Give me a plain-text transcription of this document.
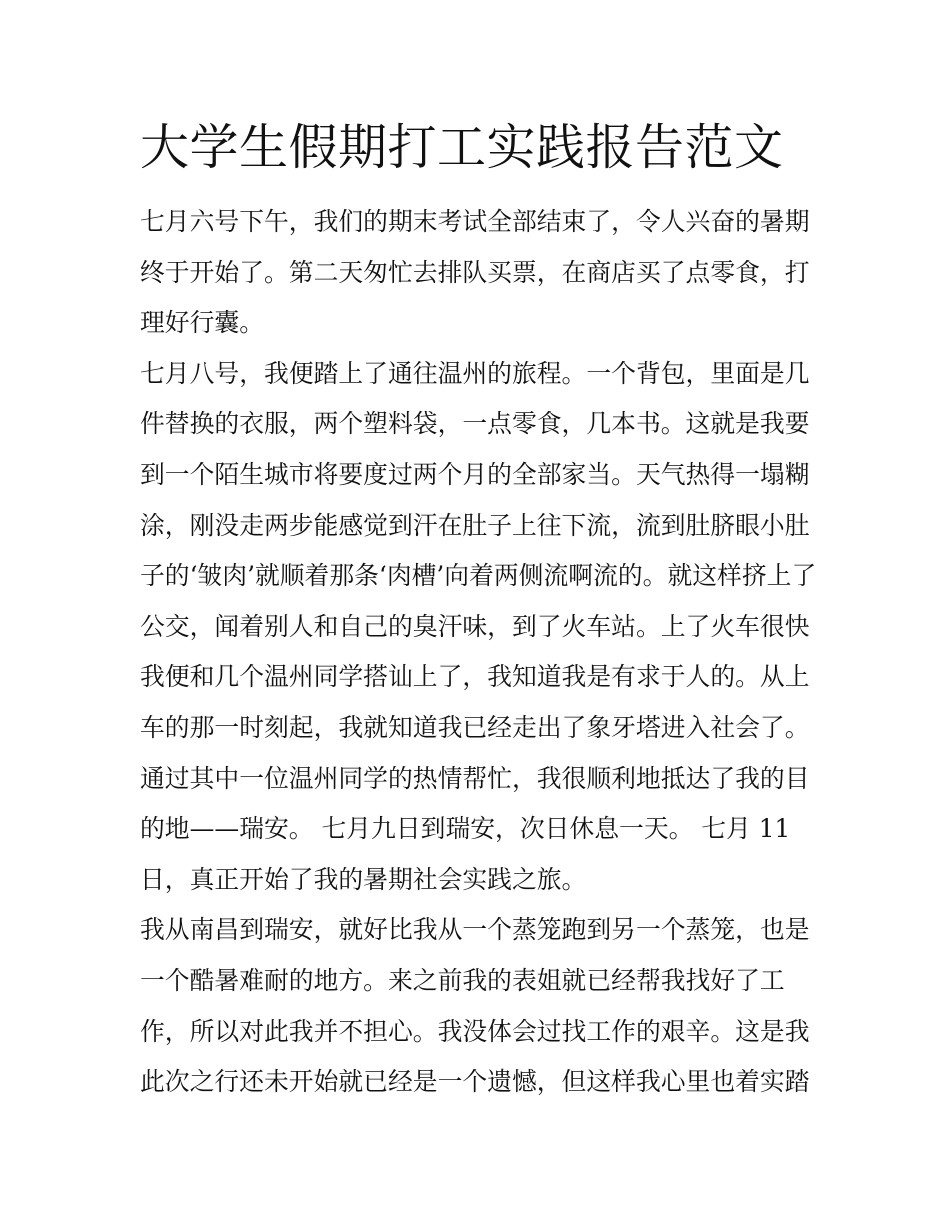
大学生假期打工实践报告范文
七月六号下午，我们的期末考试全部结束了，令人兴奋的暑期
终于开始了。第二天匆忙去排队买票，在商店买了点零食，打
理好行囊。
七月八号，我便踏上了通往温州的旅程。一个背包，里面是几
件替换的衣服，两个塑料袋，一点零食，几本书。这就是我要
到一个陌生城市将要度过两个月的全部家当。天气热得一塌糊
涂，刚没走两步能感觉到汗在肚子上往下流，流到肚脐眼小肚
子的‘皱肉’就顺着那条‘肉槽’向着两侧流啊流的。就这样挤上了
公交，闻着别人和自己的臭汗味，到了火车站。上了火车很快
我便和几个温州同学搭讪上了，我知道我是有求于人的。从上
车的那一时刻起，我就知道我已经走出了象牙塔进入社会了。
通过其中一位温州同学的热情帮忙，我很顺利地抵达了我的目
的地——瑞安。 七月九日到瑞安，次日休息一天。 七月 11
日，真正开始了我的暑期社会实践之旅。
我从南昌到瑞安，就好比我从一个蒸笼跑到另一个蒸笼，也是
一个酷暑难耐的地方。来之前我的表姐就已经帮我找好了工
作，所以对此我并不担心。我没体会过找工作的艰辛。这是我
此次之行还未开始就已经是一个遗憾，但这样我心里也着实踏
